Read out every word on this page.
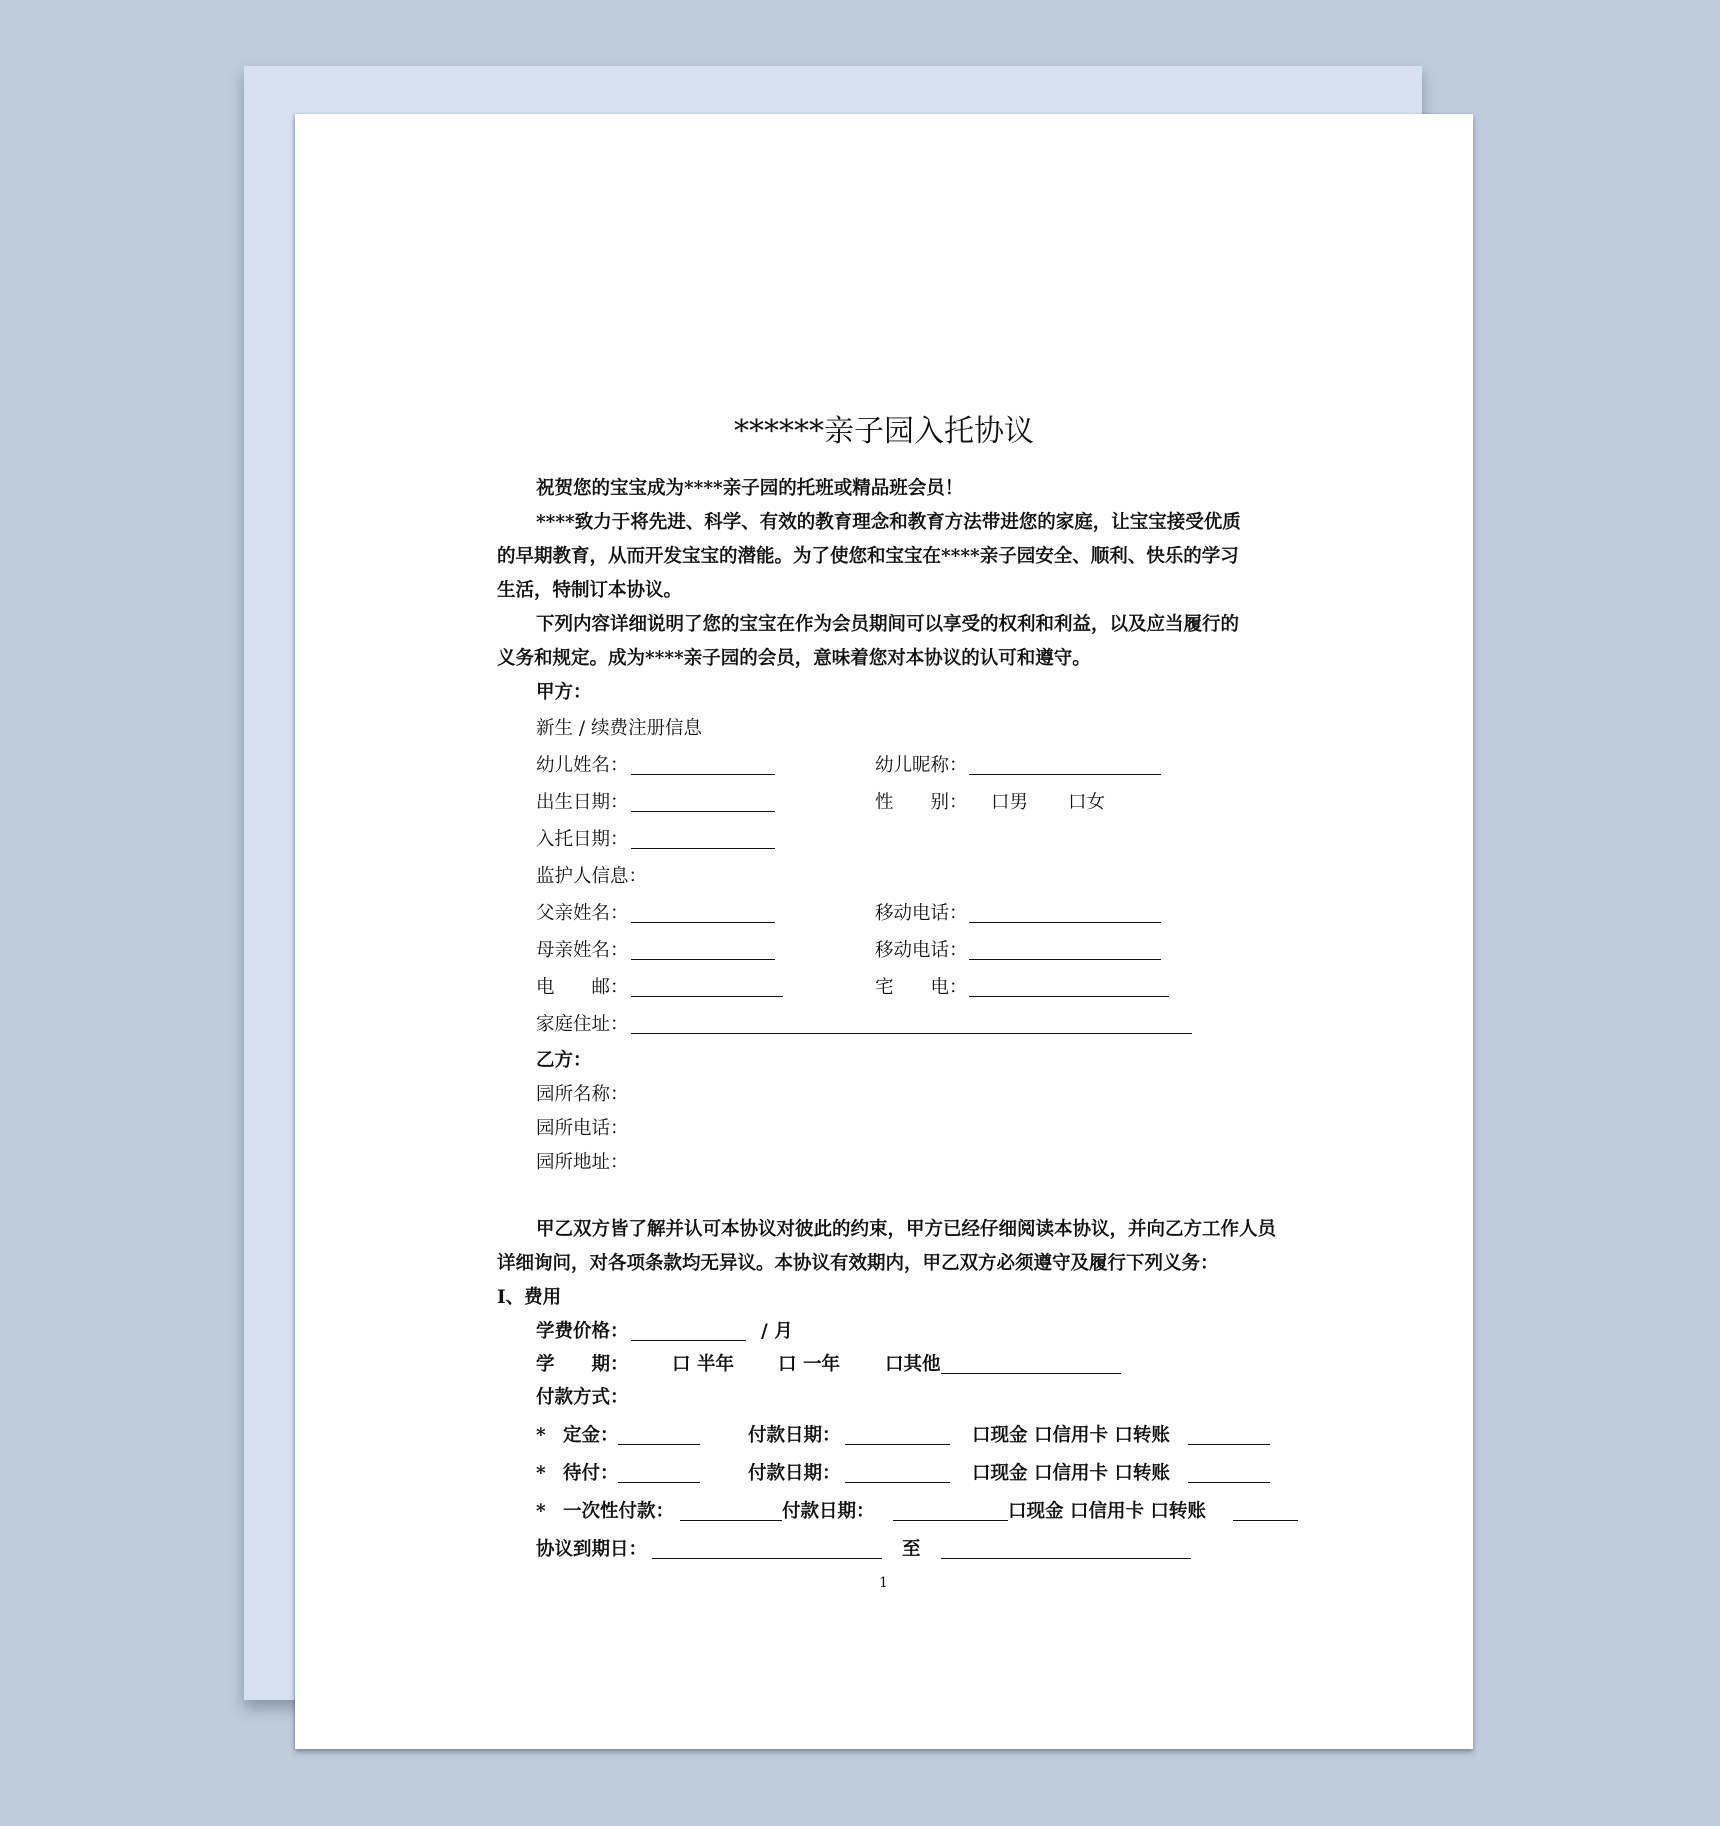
******亲子园入托协议
祝贺您的宝宝成为****亲子园的托班或精品班会员！
****致力于将先进、科学、有效的教育理念和教育方法带进您的家庭，让宝宝接受优质
的早期教育，从而开发宝宝的潜能。为了使您和宝宝在****亲子园安全、顺利、快乐的学习
生活，特制订本协议。
下列内容详细说明了您的宝宝在作为会员期间可以享受的权利和利益，以及应当履行的
义务和规定。成为****亲子园的会员，意味着您对本协议的认可和遵守。
甲方：
新生 / 续费注册信息
幼儿姓名：	幼儿昵称：
出生日期：	性　　别： 口男 口女
入托日期：
监护人信息：
父亲姓名：	移动电话：
母亲姓名：	移动电话：
电　　邮：	宅　　电：
家庭住址：
乙方：
园所名称：
园所电话：
园所地址：
甲乙双方皆了解并认可本协议对彼此的约束，甲方已经仔细阅读本协议，并向乙方工作人员
详细询问，对各项条款均无异议。本协议有效期内，甲乙双方必须遵守及履行下列义务：
Ⅰ、费用
学费价格：	/ 月
学　　期： 口 半年 口 一年 口其他
付款方式：
* 定金：	付款日期：	口现金 口信用卡 口转账
* 待付：	付款日期：	口现金 口信用卡 口转账
* 一次性付款：	付款日期：	口现金 口信用卡 口转账
协议到期日：	至
1
